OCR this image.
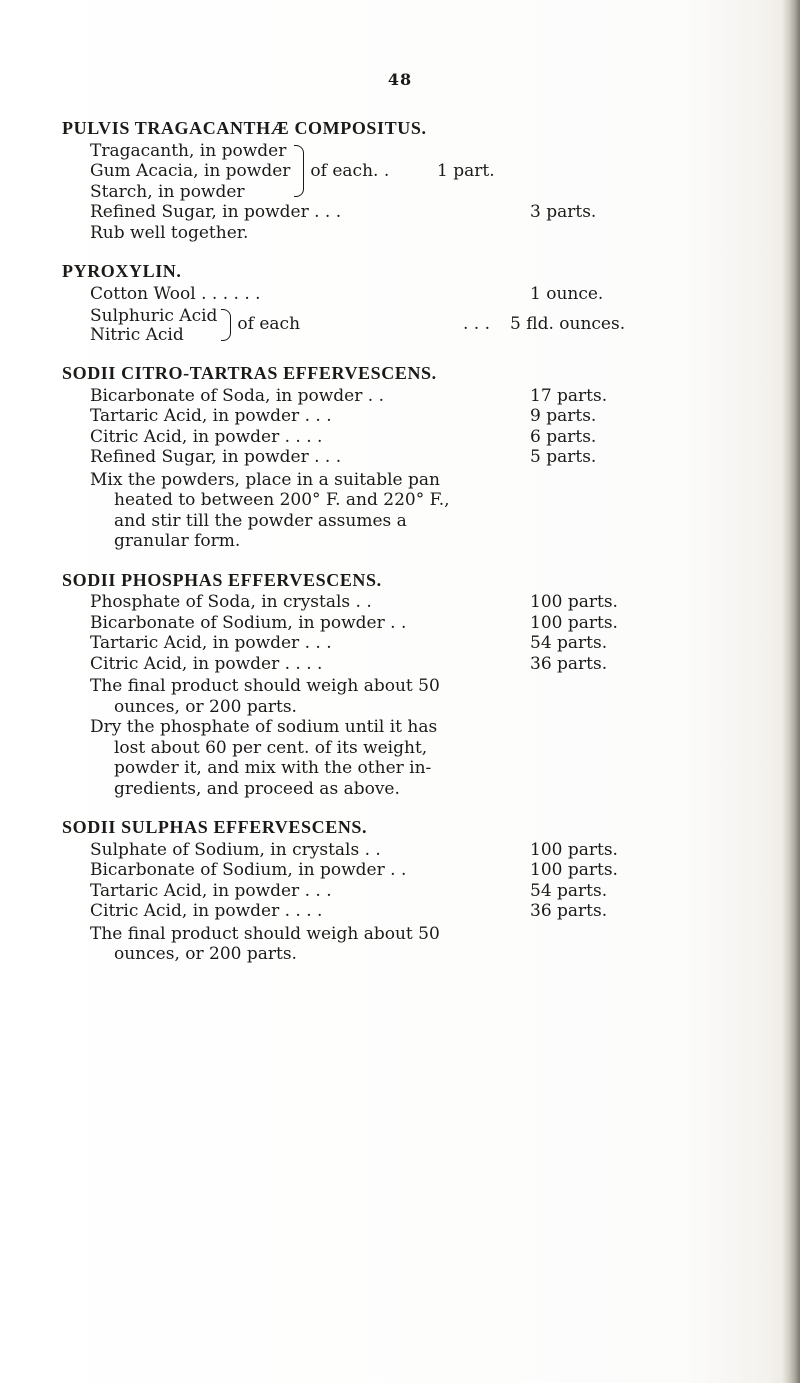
48
PULVIS TRAGACANTHÆ COMPOSITUS.
Tragacanth, in powder
Gum Acacia, in powder
Starch, in powder
of each . .	1 part.
Refined Sugar, in powder . . .	3 parts.
Rub well together.
PYROXYLIN.
Cotton Wool . . . . . .	1 ounce.
Sulphuric Acid
Nitric Acid
of each	. . . 5 fld. ounces.
SODII CITRO-TARTRAS EFFERVESCENS.
Bicarbonate of Soda, in powder . .	17 parts.
Tartaric Acid, in powder . . .	9 parts.
Citric Acid, in powder . . . .	6 parts.
Refined Sugar, in powder . . .	5 parts.
Mix the powders, place in a suitable pan
heated to between 200° F. and 220° F.,
and stir till the powder assumes a
granular form.
SODII PHOSPHAS EFFERVESCENS.
Phosphate of Soda, in crystals . .	100 parts.
Bicarbonate of Sodium, in powder . .	100 parts.
Tartaric Acid, in powder . . .	54 parts.
Citric Acid, in powder . . . .	36 parts.
The final product should weigh about 50
ounces, or 200 parts.
Dry the phosphate of sodium until it has
lost about 60 per cent. of its weight,
powder it, and mix with the other in-
gredients, and proceed as above.
SODII SULPHAS EFFERVESCENS.
Sulphate of Sodium, in crystals . .	100 parts.
Bicarbonate of Sodium, in powder . .	100 parts.
Tartaric Acid, in powder . . .	54 parts.
Citric Acid, in powder . . . .	36 parts.
The final product should weigh about 50
ounces, or 200 parts.
